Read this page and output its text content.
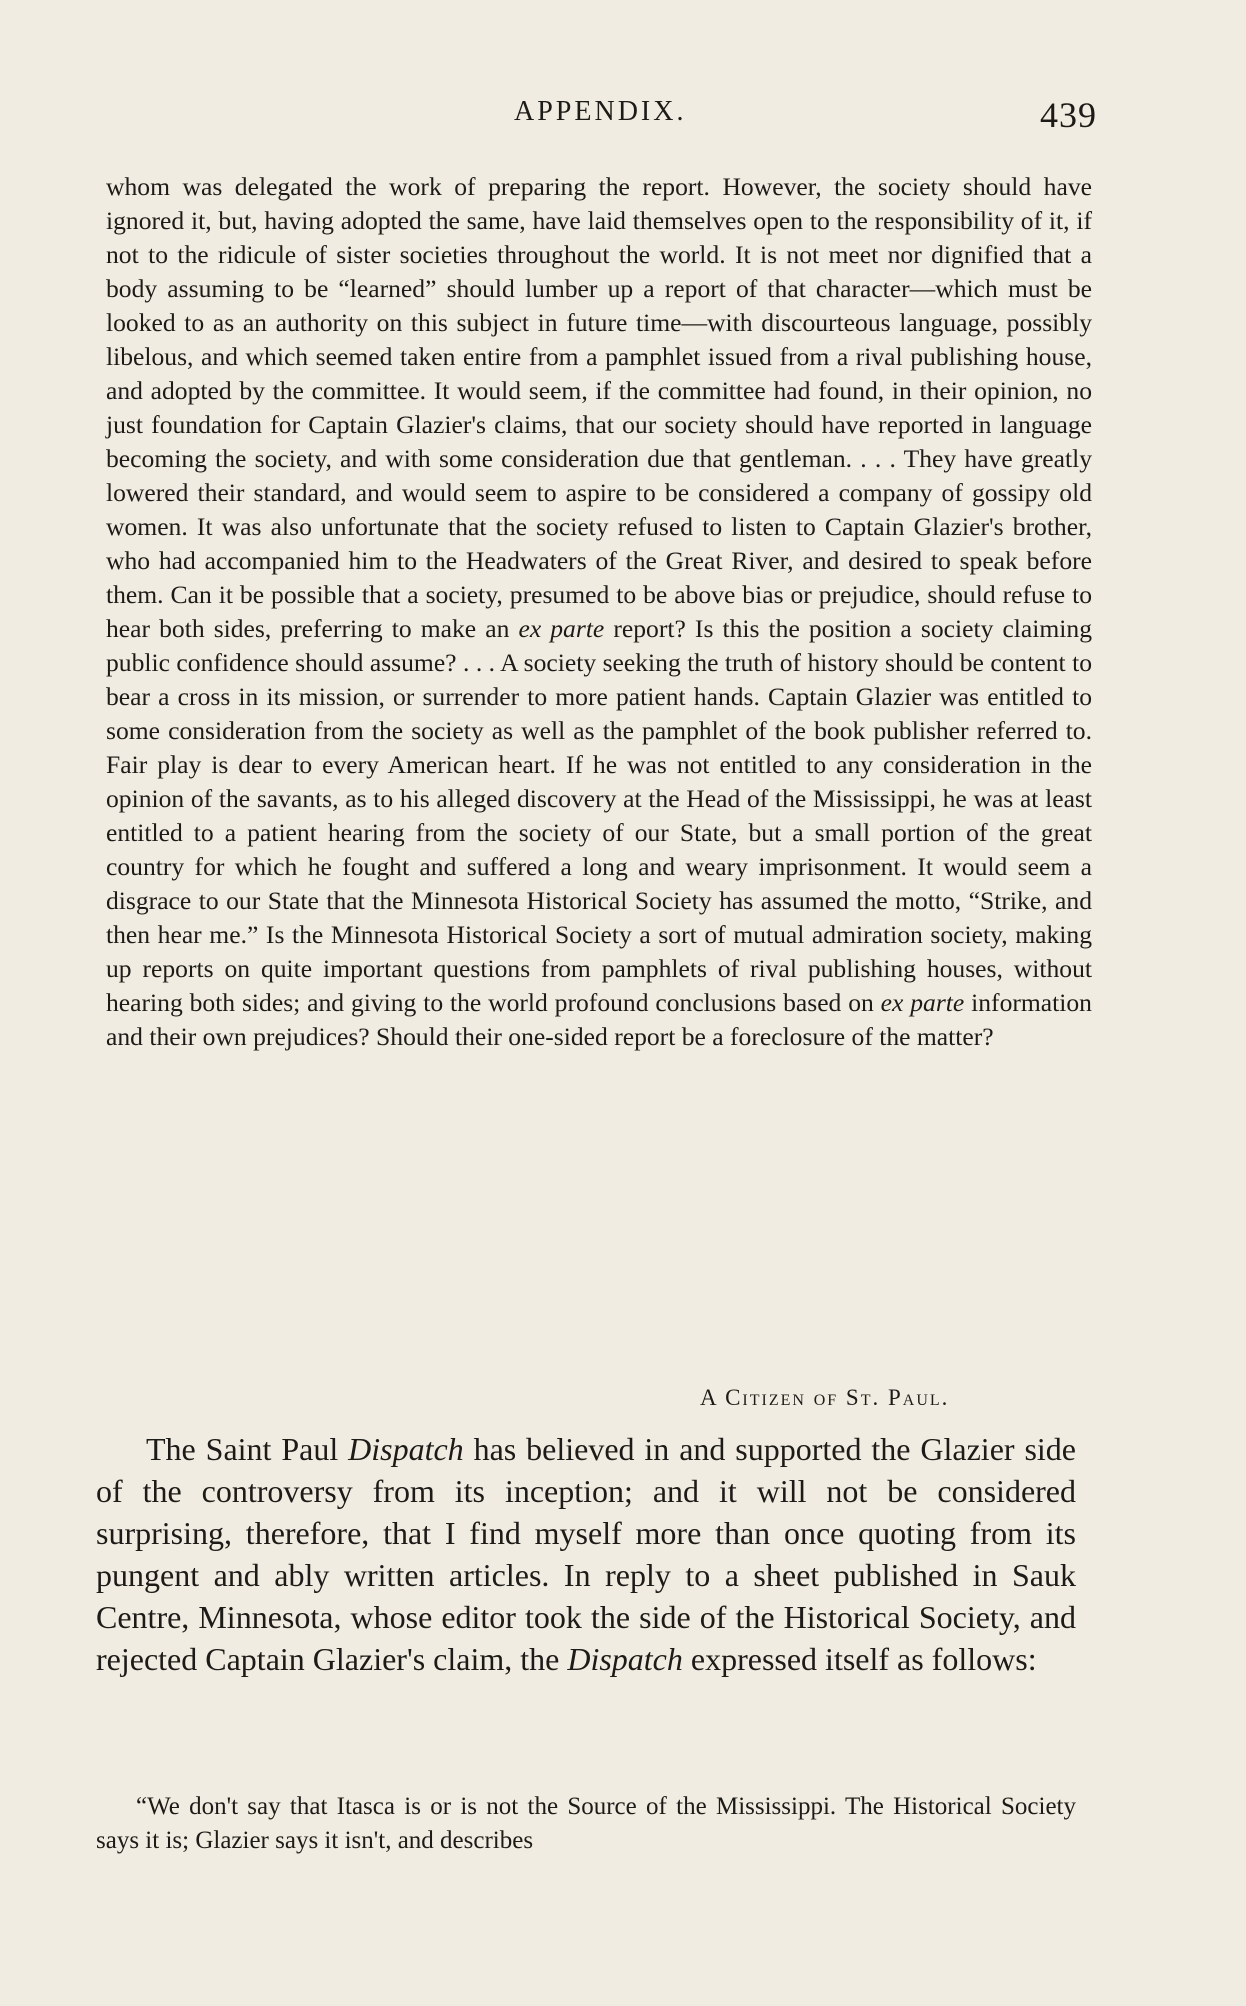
APPENDIX.	439

whom was delegated the work of preparing the report. However, the society should have ignored it, but, having adopted the same, have laid themselves open to the responsibility of it, if not to the ridicule of sister societies throughout the world. It is not meet nor dignified that a body assuming to be “learned” should lumber up a report of that character—which must be looked to as an authority on this subject in future time—with discourteous language, possibly libelous, and which seemed taken entire from a pamphlet issued from a rival publishing house, and adopted by the committee. It would seem, if the committee had found, in their opinion, no just foundation for Captain Glazier's claims, that our society should have reported in language becoming the society, and with some consideration due that gentleman. . . . They have greatly lowered their standard, and would seem to aspire to be considered a company of gossipy old women. It was also unfortunate that the society refused to listen to Captain Glazier's brother, who had accompanied him to the Headwaters of the Great River, and desired to speak before them. Can it be possible that a society, presumed to be above bias or prejudice, should refuse to hear both sides, preferring to make an ex parte report? Is this the position a society claiming public confidence should assume? . . . A society seeking the truth of history should be content to bear a cross in its mission, or surrender to more patient hands. Captain Glazier was entitled to some consideration from the society as well as the pamphlet of the book publisher referred to. Fair play is dear to every American heart. If he was not entitled to any consideration in the opinion of the savants, as to his alleged discovery at the Head of the Mississippi, he was at least entitled to a patient hearing from the society of our State, but a small portion of the great country for which he fought and suffered a long and weary imprisonment. It would seem a disgrace to our State that the Minnesota Historical Society has assumed the motto, “Strike, and then hear me.” Is the Minnesota Historical Society a sort of mutual admiration society, making up reports on quite important questions from pamphlets of rival publishing houses, without hearing both sides; and giving to the world profound conclusions based on ex parte information and their own prejudices? Should their one-sided report be a foreclosure of the matter?

A Citizen of St. Paul.

The Saint Paul Dispatch has believed in and supported the Glazier side of the controversy from its inception; and it will not be considered surprising, therefore, that I find myself more than once quoting from its pungent and ably written articles. In reply to a sheet published in Sauk Centre, Minnesota, whose editor took the side of the Historical Society, and rejected Captain Glazier's claim, the Dispatch expressed itself as follows:

“We don't say that Itasca is or is not the Source of the Mississippi. The Historical Society says it is; Glazier says it isn't, and describes
